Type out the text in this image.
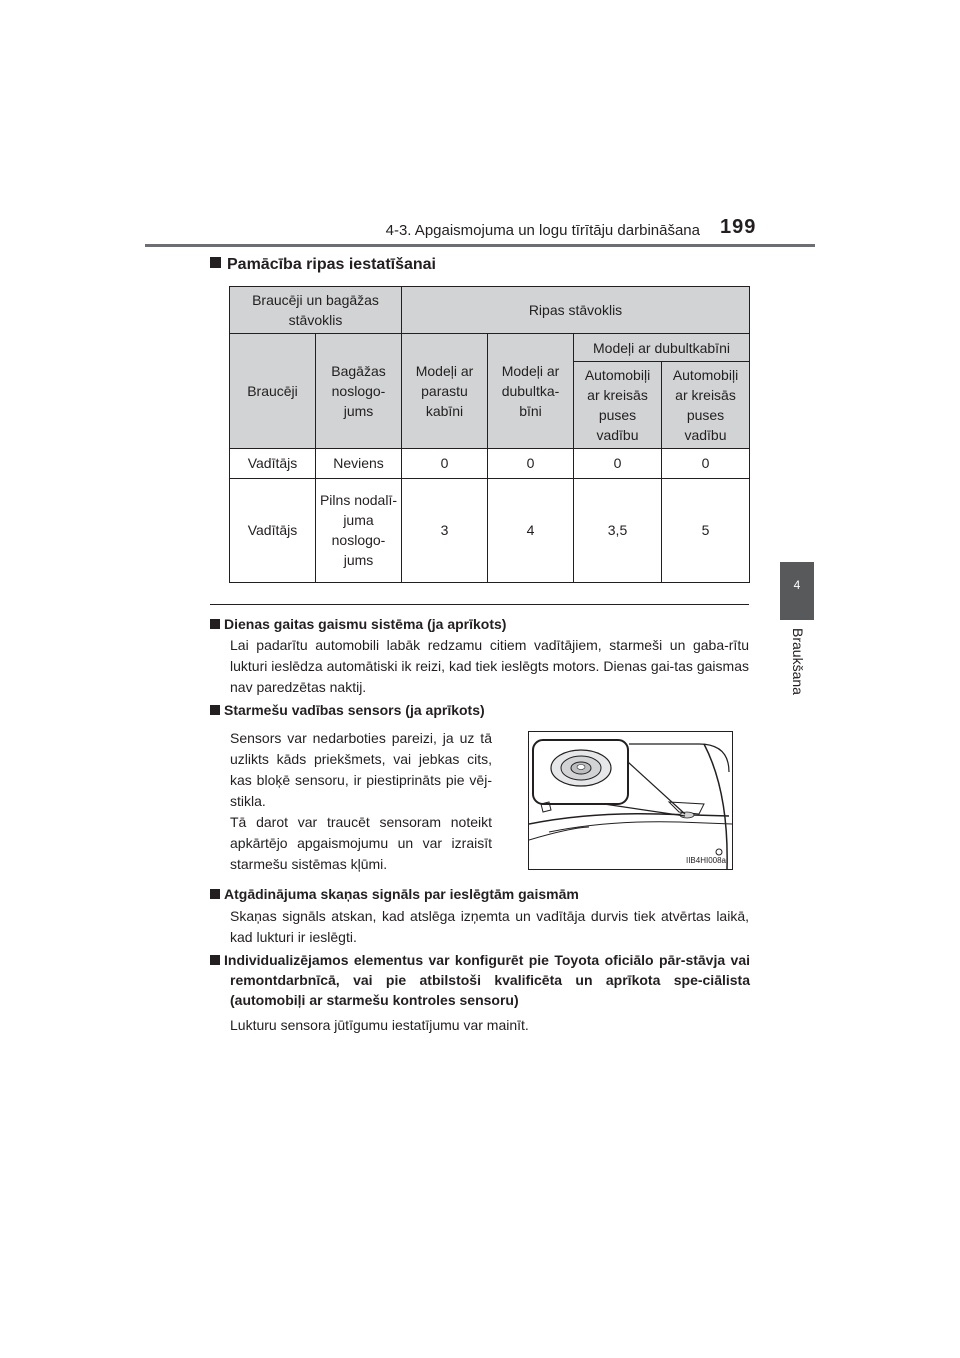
4-3. Apgaismojuma un logu tīrītāju darbināšana 199
4
Braukšana
Pamācība ripas iestatīšanai
Braucēji un bagāžas stāvoklis		Ripas stāvoklis			
Braucēji	Bagāžas noslogo-jums	Modeļi ar parastu kabīni	Modeļi ar dubultka-bīni	Modeļi ar dubultkabīni	
				Automobiļi ar kreisās puses vadību	Automobiļi ar kreisās puses vadību
Vadītājs	Neviens	0	0	0	0
Vadītājs	Pilns nodalī-juma noslogo-jums	3	4	3,5	5
Dienas gaitas gaismu sistēma (ja aprīkots)
Lai padarītu automobili labāk redzamu citiem vadītājiem, starmeši un gaba-rītu lukturi ieslēdza automātiski ik reizi, kad tiek ieslēgts motors. Dienas gai-tas gaismas nav paredzētas naktij.
Starmešu vadības sensors (ja aprīkots)
Sensors var nedarboties pareizi, ja uz tā uzlikts kāds priekšmets, vai jebkas cits, kas bloķē sensoru, ir piestiprināts pie vēj-stikla.
Tā darot var traucēt sensoram noteikt apkārtējo apgaismojumu un var izraisīt starmešu sistēmas kļūmi.	IIB4HI008a
Atgādinājuma skaņas signāls par ieslēgtām gaismām
Skaņas signāls atskan, kad atslēga izņemta un vadītāja durvis tiek atvērtas laikā, kad lukturi ir ieslēgti.
Individualizējamos elementus var konfigurēt pie Toyota oficiālo pār-stāvja vai remontdarbnīcā, vai pie atbilstoši kvalificēta un aprīkota spe-ciālista (automobiļi ar starmešu kontroles sensoru)
Lukturu sensora jūtīgumu iestatījumu var mainīt.
